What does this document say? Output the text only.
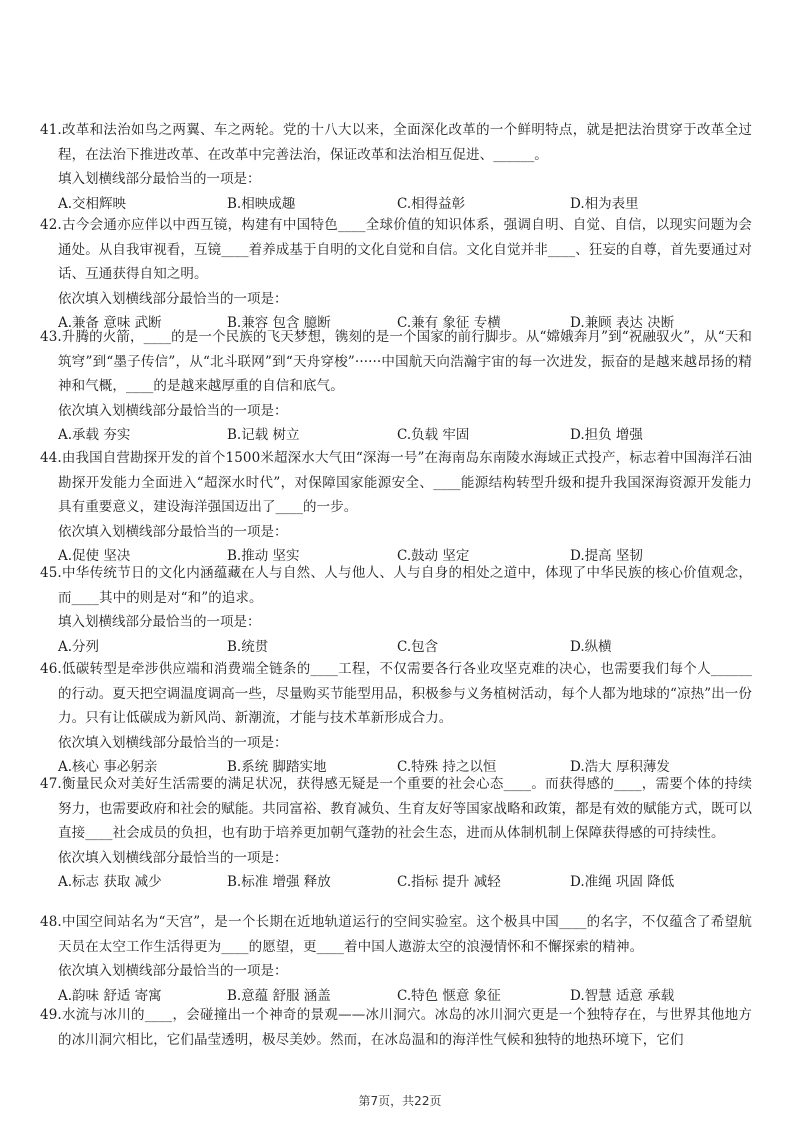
41.改革和法治如鸟之两翼、车之两轮。党的十八大以来，全面深化改革的一个鲜明特点，就是把法治贯穿于改革全过程，在法治下推进改革、在改革中完善法治，保证改革和法治相互促进、______。

填入划横线部分最恰当的一项是：

A.交相辉映	B.相映成趣	C.相得益彰	D.相为表里

42.古今会通亦应伴以中西互镜，构建有中国特色____全球价值的知识体系，强调自明、自觉、自信，以现实问题为会通处。从自我审视看，互镜____着养成基于自明的文化自觉和自信。文化自觉并非____、狂妄的自尊，首先要通过对话、互通获得自知之明。

依次填入划横线部分最恰当的一项是：

A.兼备 意味 武断	B.兼容 包含 臆断	C.兼有 象征 专横	D.兼顾 表达 决断

43.升腾的火箭，____的是一个民族的飞天梦想，镌刻的是一个国家的前行脚步。从“嫦娥奔月”到“祝融驭火”，从“天和筑穹”到“墨子传信”，从“北斗联网”到“天舟穿梭”······中国航天向浩瀚宇宙的每一次进发，振奋的是越来越昂扬的精神和气概，____的是越来越厚重的自信和底气。

依次填入划横线部分最恰当的一项是：

A.承载 夯实	B.记载 树立	C.负载 牢固	D.担负 增强

44.由我国自营勘探开发的首个1500米超深水大气田“深海一号”在海南岛东南陵水海域正式投产，标志着中国海洋石油勘探开发能力全面进入“超深水时代”，对保障国家能源安全、____能源结构转型升级和提升我国深海资源开发能力具有重要意义，建设海洋强国迈出了____的一步。

依次填入划横线部分最恰当的一项是：

A.促使 坚决	B.推动 坚实	C.鼓动 坚定	D.提高 坚韧

45.中华传统节日的文化内涵蕴藏在人与自然、人与他人、人与自身的相处之道中，体现了中华民族的核心价值观念，而____其中的则是对“和”的追求。

填入划横线部分最恰当的一项是：

A.分列	B.统贯	C.包含	D.纵横

46.低碳转型是牵涉供应端和消费端全链条的____工程，不仅需要各行各业攻坚克难的决心，也需要我们每个人______的行动。夏天把空调温度调高一些，尽量购买节能型用品，积极参与义务植树活动，每个人都为地球的“凉热”出一份力。只有让低碳成为新风尚、新潮流，才能与技术革新形成合力。

依次填入划横线部分最恰当的一项是：

A.核心 事必躬亲	B.系统 脚踏实地	C.特殊 持之以恒	D.浩大 厚积薄发

47.衡量民众对美好生活需要的满足状况，获得感无疑是一个重要的社会心态____。而获得感的____，需要个体的持续努力，也需要政府和社会的赋能。共同富裕、教育减负、生育友好等国家战略和政策，都是有效的赋能方式，既可以直接____社会成员的负担，也有助于培养更加朝气蓬勃的社会生态，进而从体制机制上保障获得感的可持续性。

依次填入划横线部分最恰当的一项是：

A.标志 获取 减少	B.标准 增强 释放	C.指标 提升 减轻	D.准绳 巩固 降低

48.中国空间站名为“天宫”，是一个长期在近地轨道运行的空间实验室。这个极具中国____的名字，不仅蕴含了希望航天员在太空工作生活得更为____的愿望，更____着中国人遨游太空的浪漫情怀和不懈探索的精神。

依次填入划横线部分最恰当的一项是：

A.韵味 舒适 寄寓	B.意蕴 舒服 涵盖	C.特色 惬意 象征	D.智慧 适意 承载

49.水流与冰川的____，会碰撞出一个神奇的景观——冰川洞穴。冰岛的冰川洞穴更是一个独特存在，与世界其他地方的冰川洞穴相比，它们晶莹透明，极尽美妙。然而，在冰岛温和的海洋性气候和独特的地热环境下，它们

第7页，共22页
